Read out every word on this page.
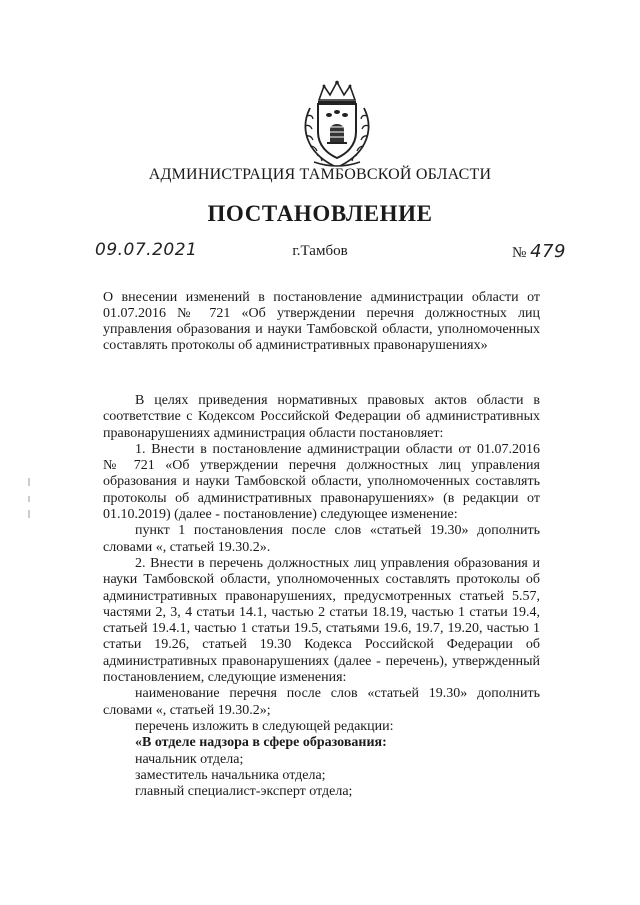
АДМИНИСТРАЦИЯ ТАМБОВСКОЙ ОБЛАСТИ
ПОСТАНОВЛЕНИЕ
09.07.2021	г.Тамбов	№ 479
О внесении изменений в постановление администрации области от 01.07.2016 № 721 «Об утверждении перечня должностных лиц управления образования и науки Тамбовской области, уполномоченных составлять протоколы об административных правонарушениях»

В целях приведения нормативных правовых актов области в соответствие с Кодексом Российской Федерации об административных правонарушениях администрация области постановляет:

1. Внести в постановление администрации области от 01.07.2016 № 721 «Об утверждении перечня должностных лиц управления образования и науки Тамбовской области, уполномоченных составлять протоколы об административных правонарушениях» (в редакции от 01.10.2019) (далее - постановление) следующее изменение:

пункт 1 постановления после слов «статьей 19.30» дополнить словами «, статьей 19.30.2».

2. Внести в перечень должностных лиц управления образования и науки Тамбовской области, уполномоченных составлять протоколы об административных правонарушениях, предусмотренных статьей 5.57, частями 2, 3, 4 статьи 14.1, частью 2 статьи 18.19, частью 1 статьи 19.4, статьей 19.4.1, частью 1 статьи 19.5, статьями 19.6, 19.7, 19.20, частью 1 статьи 19.26, статьей 19.30 Кодекса Российской Федерации об административных правонарушениях (далее - перечень), утвержденный постановлением, следующие изменения:

наименование перечня после слов «статьей 19.30» дополнить словами «, статьей 19.30.2»;

перечень изложить в следующей редакции:

«В отделе надзора в сфере образования:

начальник отдела;

заместитель начальника отдела;

главный специалист-эксперт отдела;
